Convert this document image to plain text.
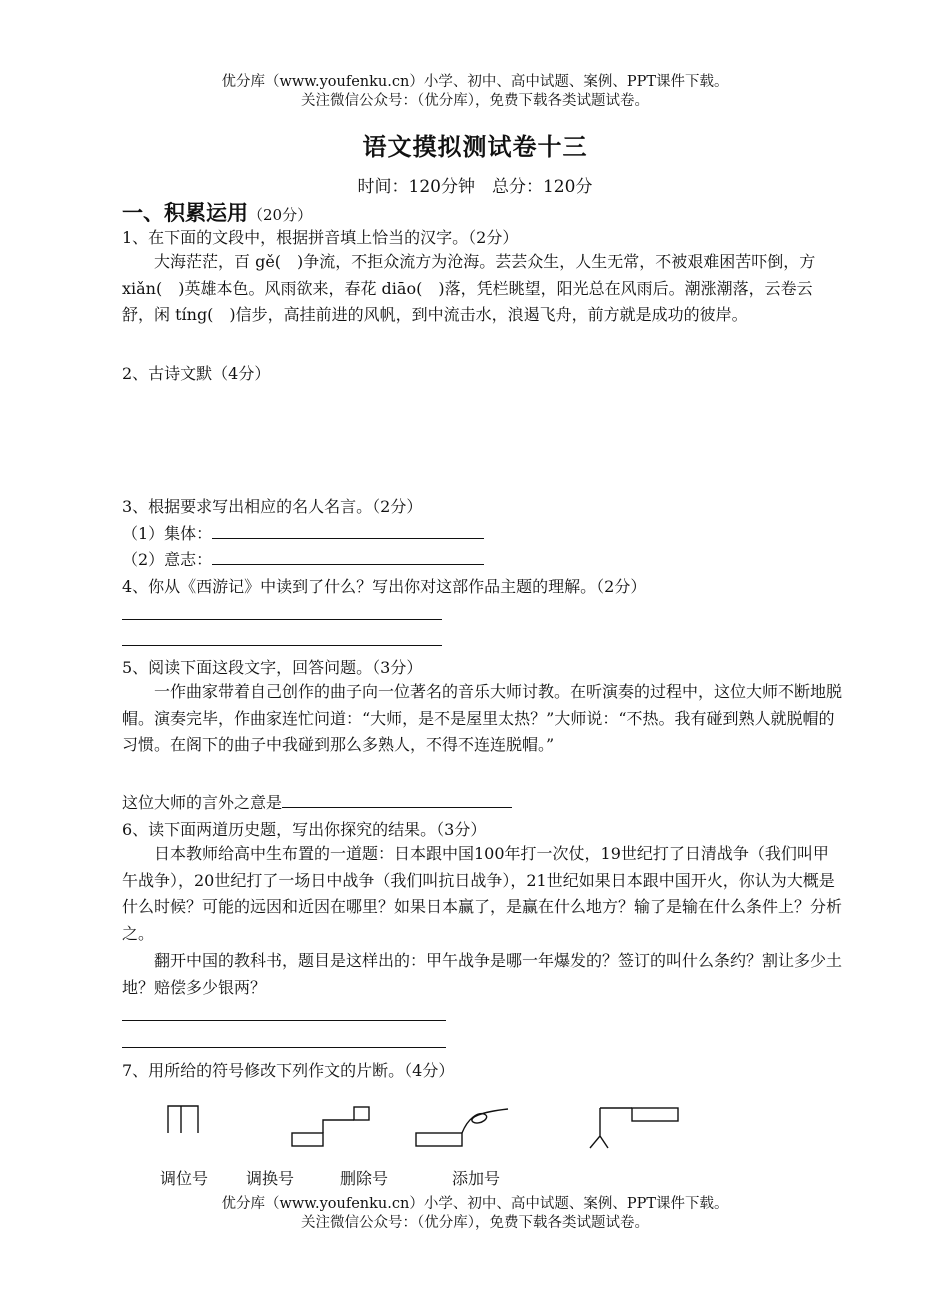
优分库（www.youfenku.cn）小学、初中、高中试题、案例、PPT课件下载。
关注微信公众号：（优分库），免费下载各类试题试卷。
语文摸拟测试卷十三
时间：120分钟　总分：120分
一、积累运用（20分）
1、在下面的文段中，根据拼音填上恰当的汉字。（2分）
大海茫茫，百 gě(　)争流，不拒众流方为沧海。芸芸众生，人生无常，不被艰难困苦吓倒，方 xiǎn(　)英雄本色。风雨欲来，春花 diāo(　)落，凭栏眺望，阳光总在风雨后。潮涨潮落，云卷云舒，闲 tíng(　)信步，高挂前进的风帆，到中流击水，浪遏飞舟，前方就是成功的彼岸。
2、古诗文默（4分）
3、根据要求写出相应的名人名言。（2分）
（1）集体：
（2）意志：
4、你从《西游记》中读到了什么？写出你对这部作品主题的理解。（2分）
5、阅读下面这段文字，回答问题。（3分）
一作曲家带着自己创作的曲子向一位著名的音乐大师讨教。在听演奏的过程中，这位大师不断地脱帽。演奏完毕，作曲家连忙问道：“大师，是不是屋里太热？”大师说：“不热。我有碰到熟人就脱帽的习惯。在阁下的曲子中我碰到那么多熟人，不得不连连脱帽。”
这位大师的言外之意是
6、读下面两道历史题，写出你探究的结果。（3分）
日本教师给高中生布置的一道题：日本跟中国100年打一次仗，19世纪打了日清战争（我们叫甲午战争），20世纪打了一场日中战争（我们叫抗日战争），21世纪如果日本跟中国开火，你认为大概是什么时候？可能的远因和近因在哪里？如果日本赢了，是赢在什么地方？输了是输在什么条件上？分析之。
翻开中国的教科书，题目是这样出的：甲午战争是哪一年爆发的？签订的叫什么条约？割让多少土地？赔偿多少银两？
7、用所给的符号修改下列作文的片断。（4分）
调位号 调换号	删除号	添加号
优分库（www.youfenku.cn）小学、初中、高中试题、案例、PPT课件下载。
关注微信公众号：（优分库），免费下载各类试题试卷。
